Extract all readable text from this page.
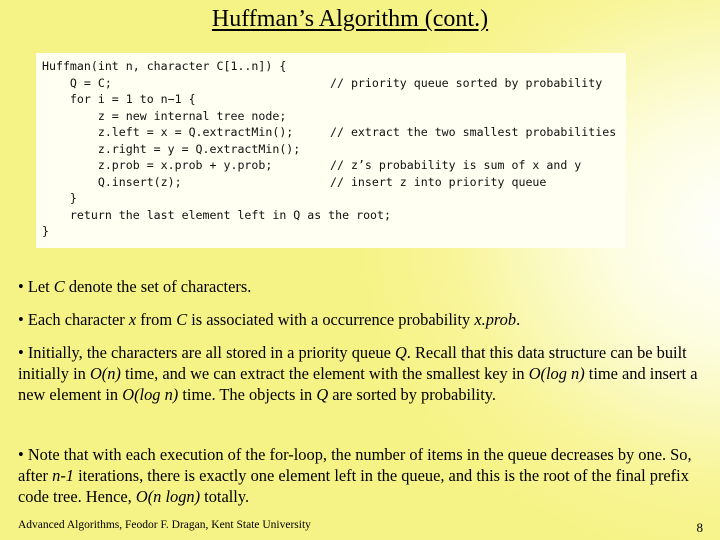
Huffman’s Algorithm (cont.)
Huffman(int n, character C[1..n]) {
Q = C;
for i = 1 to n−1 {
z = new internal tree node;
z.left = x = Q.extractMin();
z.right = y = Q.extractMin();
z.prob = x.prob + y.prob;
Q.insert(z);
}
return the last element left in Q as the root;
}
// priority queue sorted by probability
// extract the two smallest probabilities
// z’s probability is sum of x and y
// insert z into priority queue
• Let C denote the set of characters.
• Each character x from C is associated with a occurrence probability x.prob.
• Initially, the characters are all stored in a priority queue Q. Recall that this data structure can be built initially in O(n) time, and we can extract the element with the smallest key in O(log n) time and insert a new element in O(log n) time. The objects in Q are sorted by probability.
• Note that with each execution of the for-loop, the number of items in the queue decreases by one. So, after n-1 iterations, there is exactly one element left in the queue, and this is the root of the final prefix code tree. Hence, O(n logn) totally.
Advanced Algorithms, Feodor F. Dragan, Kent State University	8
